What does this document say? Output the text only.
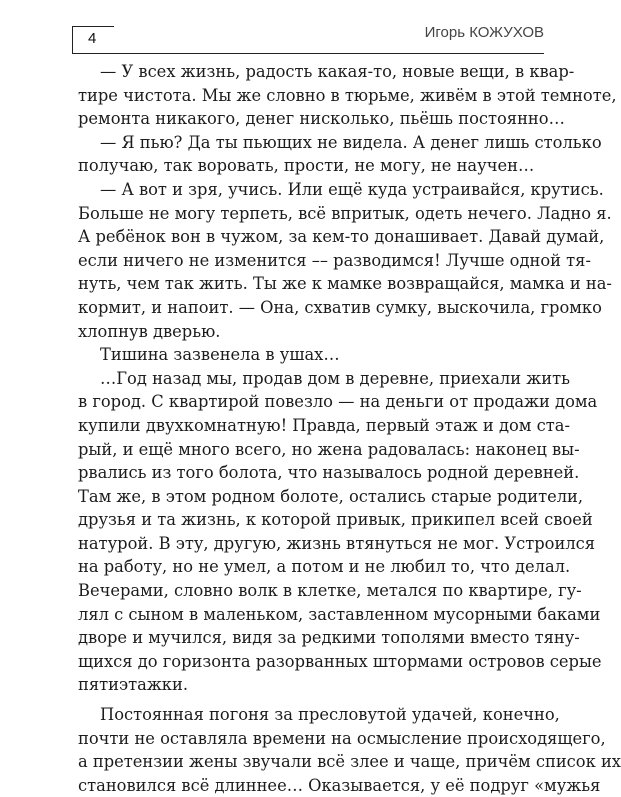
4	Игорь КОЖУХОВ
— У всех жизнь, радость какая-то, новые вещи, в квар-
тире чистота. Мы же словно в тюрьме, живём в этой темноте,
ремонта никакого, денег нисколько, пьёшь постоянно…
— Я пью? Да ты пьющих не видела. А денег лишь столько
получаю, так воровать, прости, не могу, не научен…
— А вот и зря, учись. Или ещё куда устраивайся, крутись.
Больше не могу терпеть, всё впритык, одеть нечего. Ладно я.
А ребёнок вон в чужом, за кем-то донашивает. Давай думай,
если ничего не изменится –– разводимся! Лучше одной тя-
нуть, чем так жить. Ты же к мамке возвращайся, мамка и на-
кормит, и напоит. — Она, схватив сумку, выскочила, громко
хлопнув дверью.
Тишина зазвенела в ушах…
…Год назад мы, продав дом в деревне, приехали жить
в город. С квартирой повезло — на деньги от продажи дома
купили двухкомнатную! Правда, первый этаж и дом ста-
рый, и ещё много всего, но жена радовалась: наконец вы-
рвались из того болота, что называлось родной деревней.
Там же, в этом родном болоте, остались старые родители,
друзья и та жизнь, к которой привык, прикипел всей своей
натурой. В эту, другую, жизнь втянуться не мог. Устроился
на работу, но не умел, а потом и не любил то, что делал.
Вечерами, словно волк в клетке, метался по квартире, гу-
лял с сыном в маленьком, заставленном мусорными баками
дворе и мучился, видя за редкими тополями вместо тяну-
щихся до горизонта разорванных штормами островов серые
пятиэтажки.
Постоянная погоня за пресловутой удачей, конечно,
почти не оставляла времени на осмысление происходящего,
а претензии жены звучали всё злее и чаще, причём список их
становился всё длиннее… Оказывается, у её подруг «мужья
